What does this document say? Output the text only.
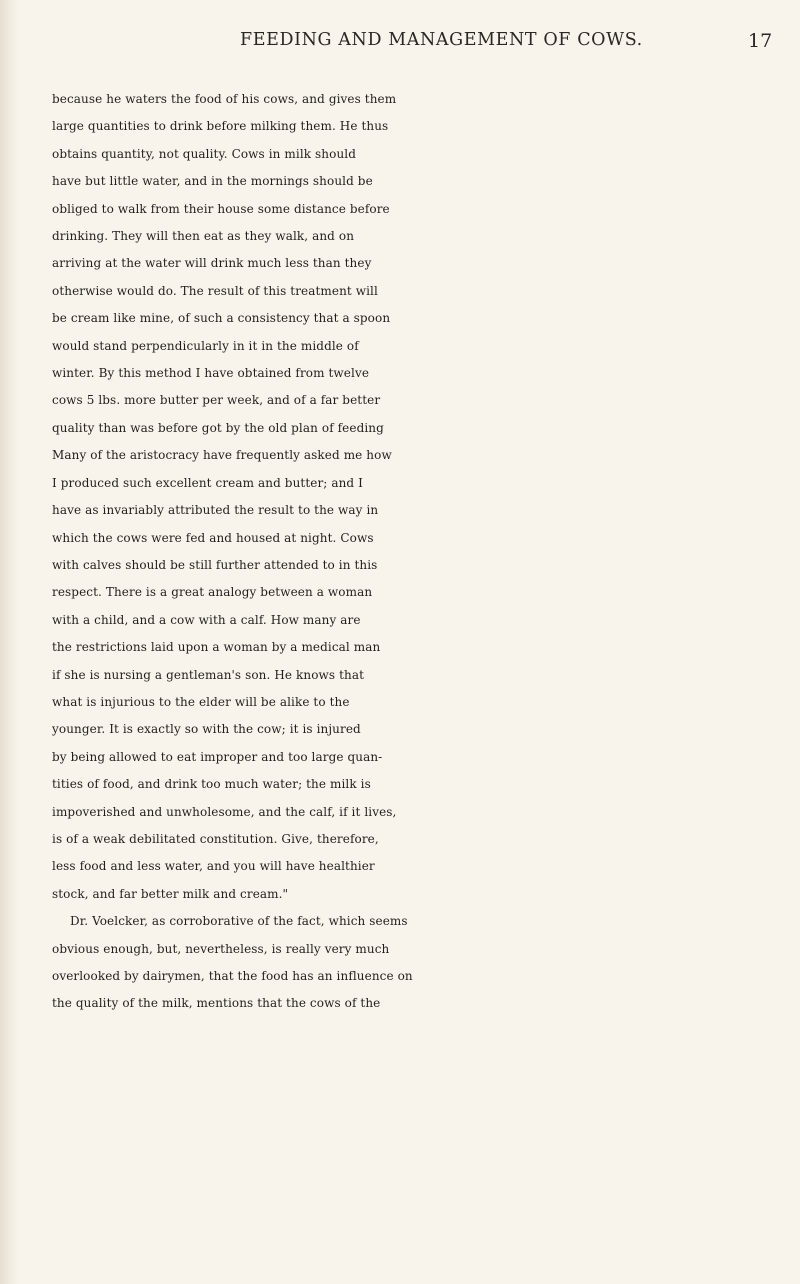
FEEDING AND MANAGEMENT OF COWS.	17
because he waters the food of his cows, and gives them
large quantities to drink before milking them. He thus
obtains quantity, not quality. Cows in milk should
have but little water, and in the mornings should be
obliged to walk from their house some distance before
drinking. They will then eat as they walk, and on
arriving at the water will drink much less than they
otherwise would do. The result of this treatment will
be cream like mine, of such a consistency that a spoon
would stand perpendicularly in it in the middle of
winter. By this method I have obtained from twelve
cows 5 lbs. more butter per week, and of a far better
quality than was before got by the old plan of feeding
Many of the aristocracy have frequently asked me how
I produced such excellent cream and butter; and I
have as invariably attributed the result to the way in
which the cows were fed and housed at night. Cows
with calves should be still further attended to in this
respect. There is a great analogy between a woman
with a child, and a cow with a calf. How many are
the restrictions laid upon a woman by a medical man
if she is nursing a gentleman's son. He knows that
what is injurious to the elder will be alike to the
younger. It is exactly so with the cow; it is injured
by being allowed to eat improper and too large quan-
tities of food, and drink too much water; the milk is
impoverished and unwholesome, and the calf, if it lives,
is of a weak debilitated constitution. Give, therefore,
less food and less water, and you will have healthier
stock, and far better milk and cream."
Dr. Voelcker, as corroborative of the fact, which seems
obvious enough, but, nevertheless, is really very much
overlooked by dairymen, that the food has an influence on
the quality of the milk, mentions that the cows of the
